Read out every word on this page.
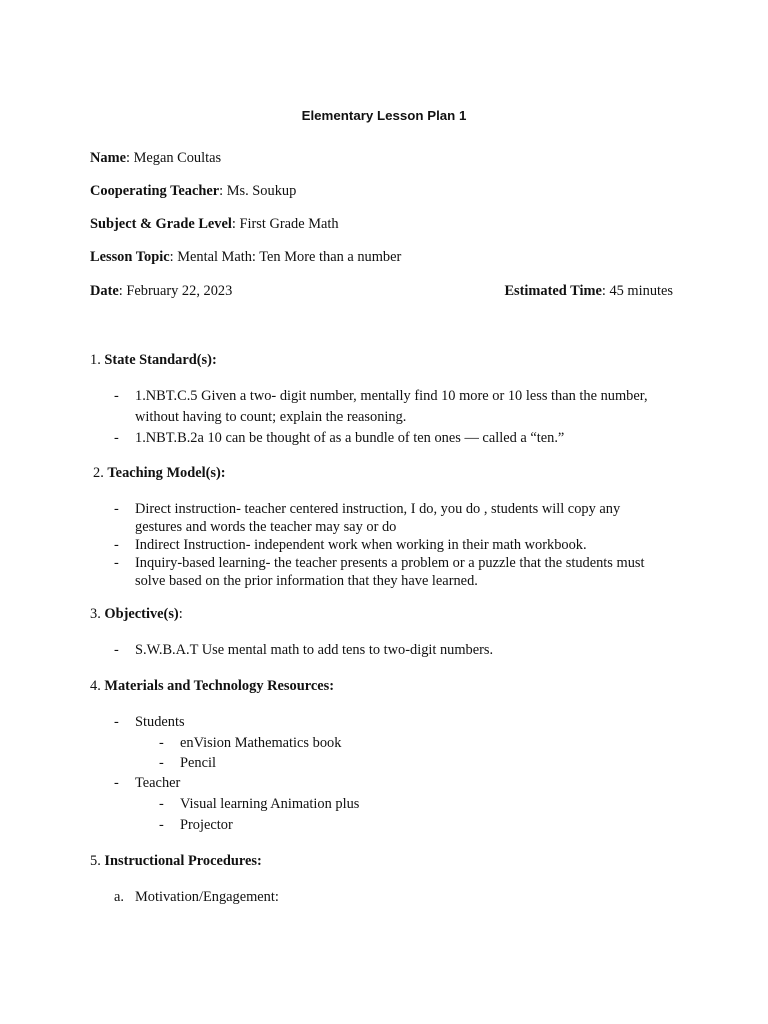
Elementary Lesson Plan 1
Name: Megan Coultas
Cooperating Teacher: Ms. Soukup
Subject & Grade Level: First Grade Math
Lesson Topic: Mental Math: Ten More than a number
Date: February 22, 2023	Estimated Time: 45 minutes
1. State Standard(s):
- 1.NBT.C.5 Given a two- digit number, mentally find 10 more or 10 less than the number,
without having to count; explain the reasoning.
- 1.NBT.B.2a 10 can be thought of as a bundle of ten ones — called a “ten.”
2. Teaching Model(s):
- Direct instruction- teacher centered instruction, I do, you do , students will copy any
gestures and words the teacher may say or do
- Indirect Instruction- independent work when working in their math workbook.
- Inquiry-based learning- the teacher presents a problem or a puzzle that the students must
solve based on the prior information that they have learned.
3. Objective(s):
- S.W.B.A.T Use mental math to add tens to two-digit numbers.
4. Materials and Technology Resources:
- Students
- enVision Mathematics book
- Pencil
- Teacher
- Visual learning Animation plus
- Projector
5. Instructional Procedures:
a. Motivation/Engagement:
